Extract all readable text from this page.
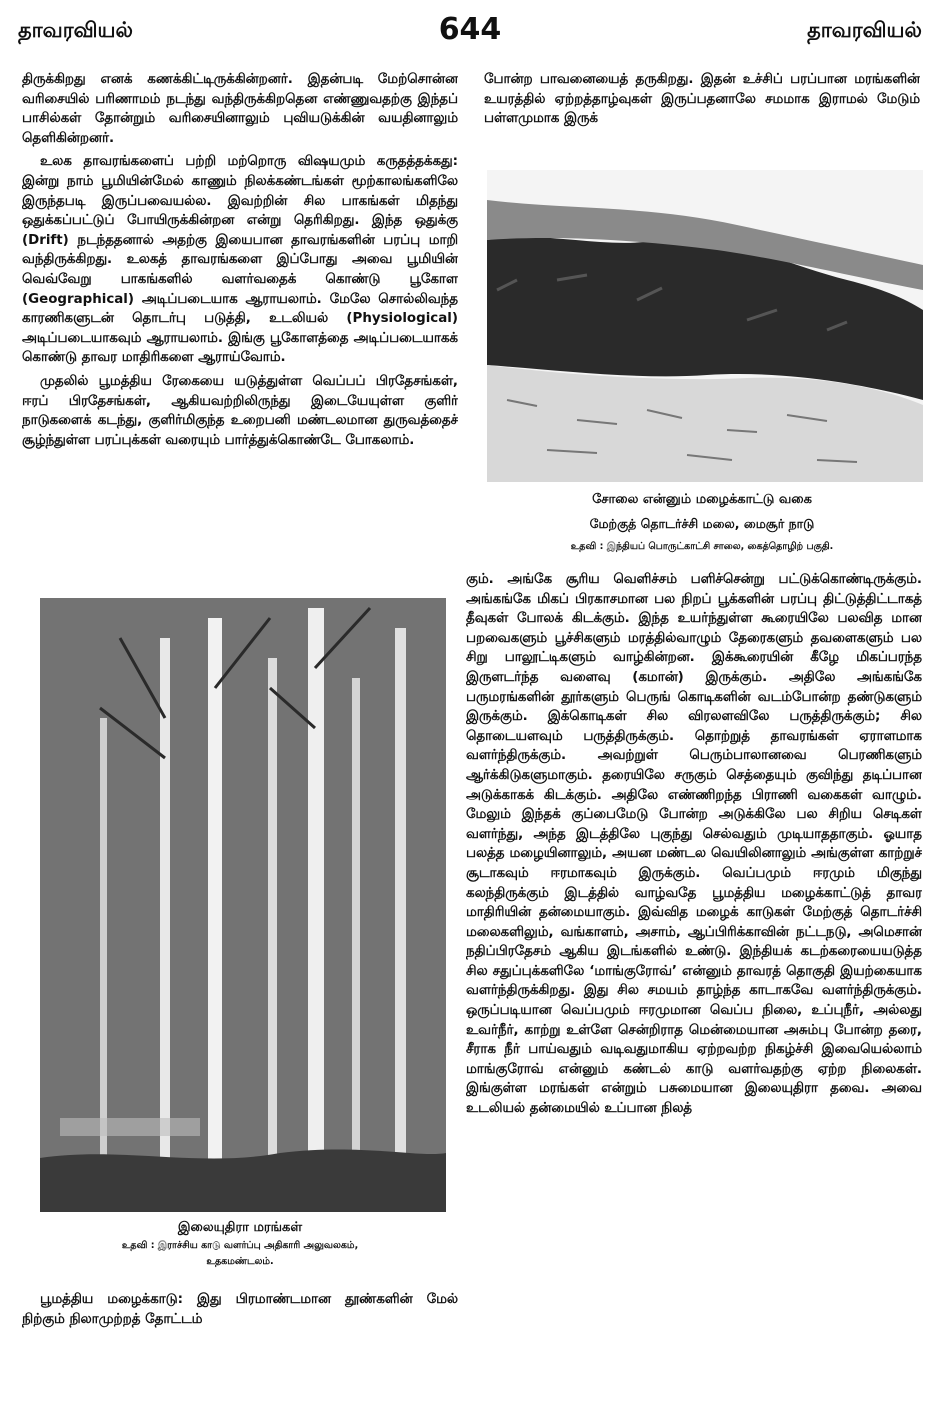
தாவரவியல்	644	தாவரவியல்

திருக்கிறது எனக் கணக்கிட்டிருக்கின்றனர். இதன்படி மேற்சொன்ன வரிசையில் பரிணாமம் நடந்து வந்திருக்கிறதென எண்ணுவதற்கு இந்தப் பாசில்கள் தோன்றும் வரிசையினாலும் புவியடுக்கின் வயதினாலும் தெளிகின்றனர்.

உலக தாவரங்களைப் பற்றி மற்றொரு விஷயமும் கருதத்தக்கது: இன்று நாம் பூமியின்மேல் காணும் நிலக்கண்டங்கள் மூற்காலங்களிலே இருந்தபடி இருப்பவையல்ல. இவற்றின் சில பாகங்கள் மிதந்து ஒதுக்கப்பட்டுப் போயிருக்கின்றன என்று தெரிகிறது. இந்த ஒதுக்கு (Drift) நடந்ததனால் அதற்கு இயைபான தாவரங்களின் பரப்பு மாறி வந்திருக்கிறது. உலகத் தாவரங்களை இப்போது அவை பூமியின் வெவ்வேறு பாகங்களில் வளர்வதைக் கொண்டு பூகோள (Geographical) அடிப்படையாக ஆராயலாம். மேலே சொல்லிவந்த காரணிகளுடன் தொடர்பு படுத்தி, உடலியல் (Physiological) அடிப்படையாகவும் ஆராயலாம். இங்கு பூகோளத்தை அடிப்படையாகக் கொண்டு தாவர மாதிரிகளை ஆராய்வோம்.

முதலில் பூமத்திய ரேகையை யடுத்துள்ள வெப்பப் பிரதேசங்கள், ஈரப் பிரதேசங்கள், ஆகியவற்றிலிருந்து இடையேயுள்ள குளிர் நாடுகளைக் கடந்து, குளிர்மிகுந்த உறைபனி மண்டலமான துருவத்தைச் சூழ்ந்துள்ள பரப்புக்கள் வரையும் பார்த்துக்கொண்டே போகலாம்.

போன்ற பாவனையைத் தருகிறது. இதன் உச்சிப் பரப்பான மரங்களின் உயரத்தில் ஏற்றத்தாழ்வுகள் இருப்பதனாலே சமமாக இராமல் மேடும் பள்ளமுமாக இருக்

சோலை என்னும் மழைக்காட்டு வகை
மேற்குத் தொடர்ச்சி மலை, மைசூர் நாடு
உதவி : இந்தியப் பொருட்காட்சி சாலை, கைத்தொழிற் பகுதி.
இலையுதிரா மரங்கள்
உதவி : இராச்சிய காடு வளர்ப்பு அதிகாரி அலுவலகம்,
உதகமண்டலம்.

பூமத்திய மழைக்காடு: இது பிரமாண்டமான தூண்களின் மேல் நிற்கும் நிலாமுற்றத் தோட்டம்

கும். அங்கே சூரிய வெளிச்சம் பளிச்சென்று பட்டுக்கொண்டிருக்கும். அங்கங்கே மிகப் பிரகாசமான பல நிறப் பூக்களின் பரப்பு திட்டுத்திட்டாகத் தீவுகள் போலக் கிடக்கும். இந்த உயர்ந்துள்ள கூரையிலே பலவித மான பறவைகளும் பூச்சிகளும் மரத்தில்வாழும் தேரைகளும் தவளைகளும் பல சிறு பாலூட்டிகளும் வாழ்கின்றன. இக்கூரையின் கீழே மிகப்பரந்த இருளடர்ந்த வளைவு (கமான்) இருக்கும். அதிலே அங்கங்கே பருமரங்களின் தூர்களும் பெருங் கொடிகளின் வடம்போன்ற தண்டுகளும் இருக்கும். இக்கொடிகள் சில விரலளவிலே பருத்திருக்கும்; சில தொடையளவும் பருத்திருக்கும். தொற்றுத் தாவரங்கள் ஏராளமாக வளர்ந்திருக்கும். அவற்றுள் பெரும்பாலானவை பெரணிகளும் ஆர்க்கிடுகளுமாகும். தரையிலே சருகும் செத்தையும் குவிந்து தடிப்பான அடுக்காகக் கிடக்கும். அதிலே எண்ணிறந்த பிராணி வகைகள் வாழும். மேலும் இந்தக் குப்பைமேடு போன்ற அடுக்கிலே பல சிறிய செடிகள் வளர்ந்து, அந்த இடத்திலே புகுந்து செல்வதும் முடியாததாகும். ஓயாத பலத்த மழையினாலும், அயன மண்டல வெயிலினாலும் அங்குள்ள காற்றுச் சூடாகவும் ஈரமாகவும் இருக்கும். வெப்பமும் ஈரமும் மிகுந்து கலந்திருக்கும் இடத்தில் வாழ்வதே பூமத்திய மழைக்காட்டுத் தாவர மாதிரியின் தன்மையாகும். இவ்வித மழைக் காடுகள் மேற்குத் தொடர்ச்சி மலைகளிலும், வங்காளம், அசாம், ஆப்பிரிக்காவின் நட்டநடு, அமெசான் நதிப்பிரதேசம் ஆகிய இடங்களில் உண்டு. இந்தியக் கடற்கரையையடுத்த சில சதுப்புக்களிலே ‘மாங்குரோவ்’ என்னும் தாவரத் தொகுதி இயற்கையாக வளர்ந்திருக்கிறது. இது சில சமயம் தாழ்ந்த காடாகவே வளர்ந்திருக்கும். ஒருப்படியான வெப்பமும் ஈரமுமான வெப்ப நிலை, உப்புநீர், அல்லது உவர்நீர், காற்று உள்ளே சென்றிராத மென்மையான அசும்பு போன்ற தரை, சீராக நீர் பாய்வதும் வடிவதுமாகிய ஏற்றவற்ற நிகழ்ச்சி இவையெல்லாம் மாங்குரோவ் என்னும் கண்டல் காடு வளர்வதற்கு ஏற்ற நிலைகள். இங்குள்ள மரங்கள் என்றும் பசுமையான இலையுதிரா தவை. அவை உடலியல் தன்மையில் உப்பான நிலத்
